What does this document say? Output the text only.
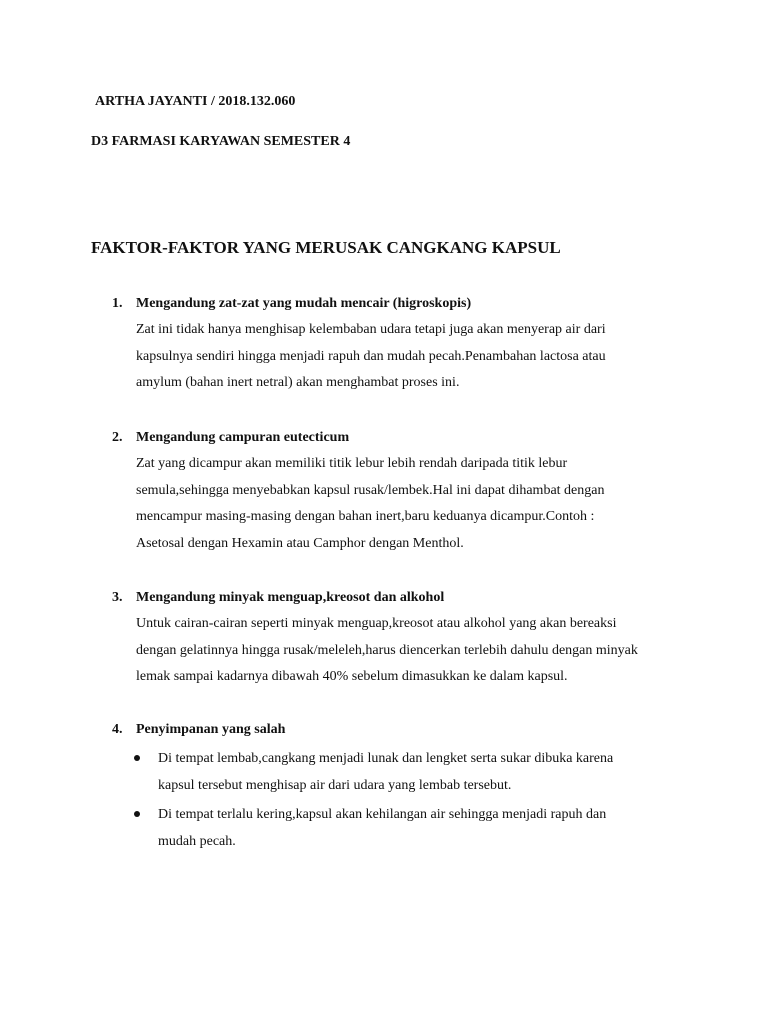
ARTHA JAYANTI / 2018.132.060
D3 FARMASI KARYAWAN SEMESTER 4
FAKTOR-FAKTOR YANG MERUSAK CANGKANG KAPSUL
1. Mengandung zat-zat yang mudah mencair (higroskopis)
Zat ini tidak hanya menghisap kelembaban udara tetapi juga akan menyerap air dari
kapsulnya sendiri hingga menjadi rapuh dan mudah pecah.Penambahan lactosa atau
amylum (bahan inert netral) akan menghambat proses ini.
2. Mengandung campuran eutecticum
Zat yang dicampur akan memiliki titik lebur lebih rendah daripada titik lebur
semula,sehingga menyebabkan kapsul rusak/lembek.Hal ini dapat dihambat dengan
mencampur masing-masing dengan bahan inert,baru keduanya dicampur.Contoh :
Asetosal dengan Hexamin atau Camphor dengan Menthol.
3. Mengandung minyak menguap,kreosot dan alkohol
Untuk cairan-cairan seperti minyak menguap,kreosot atau alkohol yang akan bereaksi
dengan gelatinnya hingga rusak/meleleh,harus diencerkan terlebih dahulu dengan minyak
lemak sampai kadarnya dibawah 40% sebelum dimasukkan ke dalam kapsul.
4. Penyimpanan yang salah
Di tempat lembab,cangkang menjadi lunak dan lengket serta sukar dibuka karena
kapsul tersebut menghisap air dari udara yang lembab tersebut.
Di tempat terlalu kering,kapsul akan kehilangan air sehingga menjadi rapuh dan
mudah pecah.
